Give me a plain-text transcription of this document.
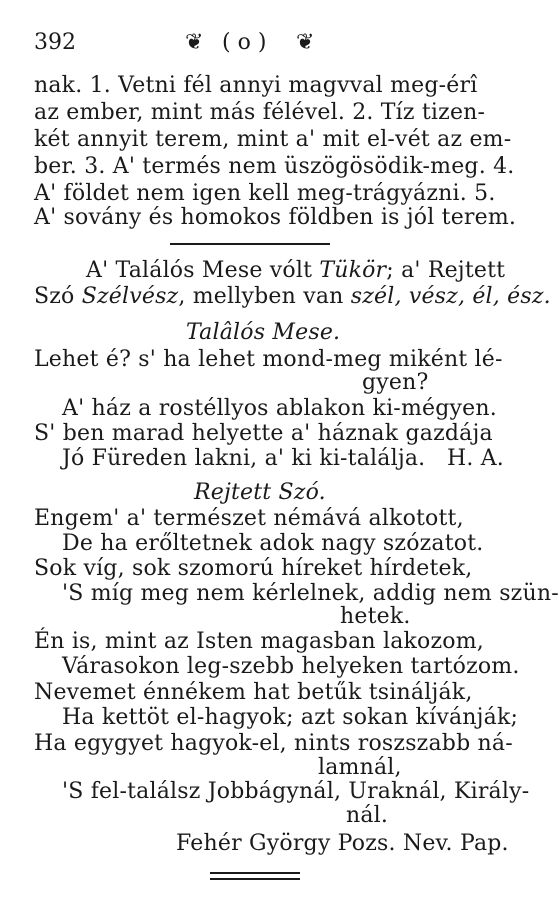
392	❦ ( o ) ❦
nak. 1. Vetni fél annyi magvval meg-érî
az ember, mint más félével. 2. Tíz tizen-
két annyit terem, mint a' mit el-vét az em-
ber. 3. A' termés nem üszögösödik-meg. 4.
A' földet nem igen kell meg-trágyázni. 5.
A' sovány és homokos földben is jól terem.
A' Találós Mese vólt Tükör; a' Rejtett
Szó Szélvész, mellyben van szél, vész, él, ész.
Talâlós Mese.
Lehet é? s' ha lehet mond-meg miként lé-
gyen?
A' ház a rostéllyos ablakon ki-mégyen.
S' ben marad helyette a' háznak gazdája
Jó Füreden lakni, a' ki ki-találja.   H. A.
Rejtett Szó.
Engem' a' természet némává alkotott,
De ha erőltetnek adok nagy szózatot.
Sok víg, sok szomorú híreket hírdetek,
'S míg meg nem kérlelnek, addig nem szün-
hetek.
Én is, mint az Isten magasban lakozom,
Várasokon leg-szebb helyeken tartózom.
Nevemet énnékem hat betűk tsinálják,
Ha kettöt el-hagyok; azt sokan kívánják;
Ha egygyet hagyok-el, nints roszszabb ná-
lamnál,
'S fel-találsz Jobbágynál, Uraknál, Király-
nál.
Fehér György Pozs. Nev. Pap.
